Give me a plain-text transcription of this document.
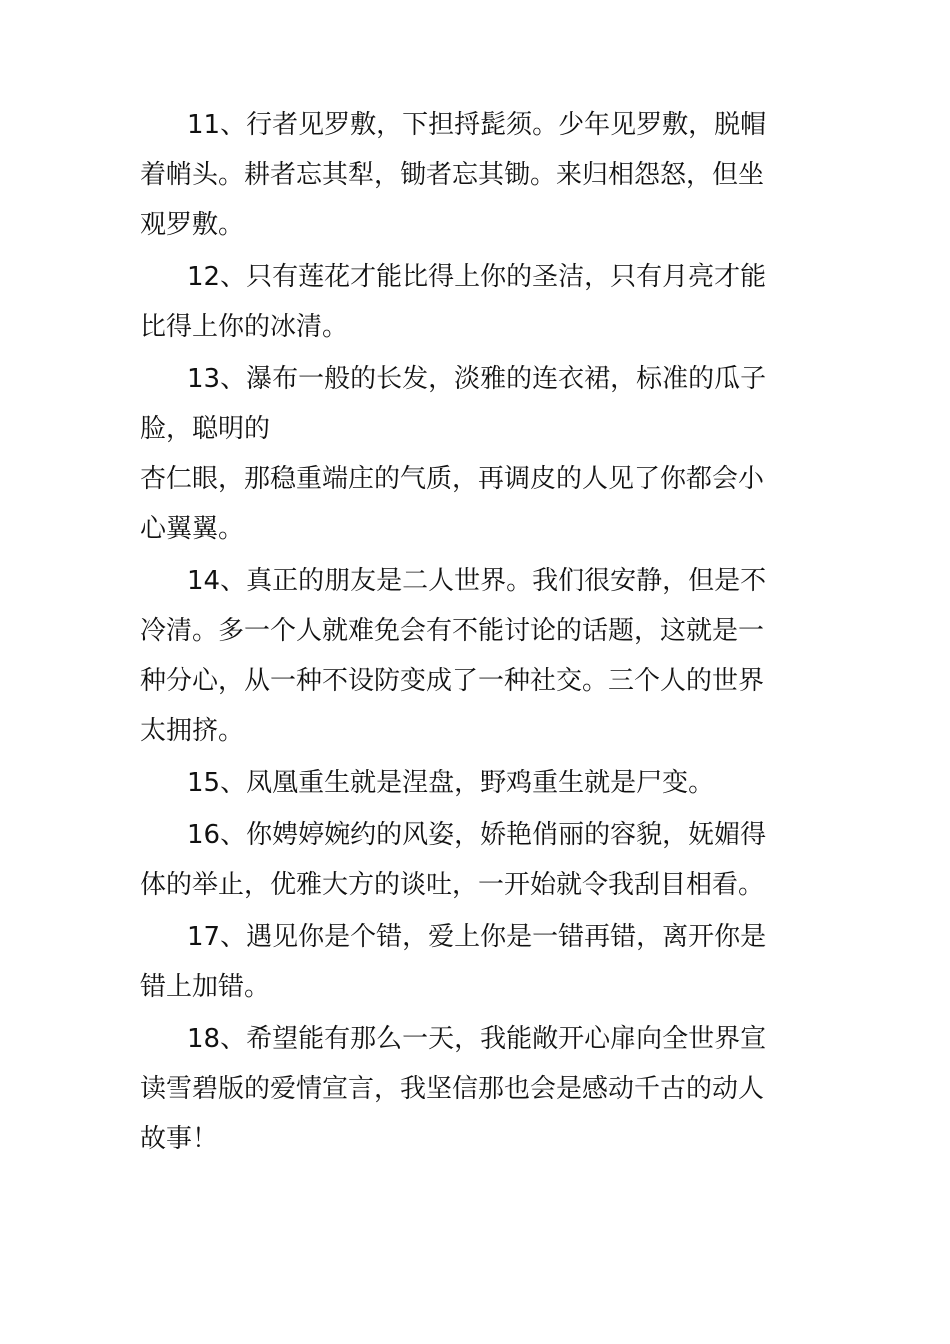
11、行者见罗敷，下担捋髭须。少年见罗敷，脱帽
着帩头。耕者忘其犁，锄者忘其锄。来归相怨怒，但坐
观罗敷。

12、只有莲花才能比得上你的圣洁，只有月亮才能
比得上你的冰清。

13、瀑布一般的长发，淡雅的连衣裙，标准的瓜子
脸，聪明的
杏仁眼，那稳重端庄的气质，再调皮的人见了你都会小
心翼翼。

14、真正的朋友是二人世界。我们很安静，但是不
冷清。多一个人就难免会有不能讨论的话题，这就是一
种分心，从一种不设防变成了一种社交。三个人的世界
太拥挤。

15、凤凰重生就是涅盘，野鸡重生就是尸变。

16、你娉婷婉约的风姿，娇艳俏丽的容貌，妩媚得
体的举止，优雅大方的谈吐，一开始就令我刮目相看。

17、遇见你是个错，爱上你是一错再错，离开你是
错上加错。

18、希望能有那么一天，我能敞开心扉向全世界宣
读雪碧版的爱情宣言，我坚信那也会是感动千古的动人
故事！
